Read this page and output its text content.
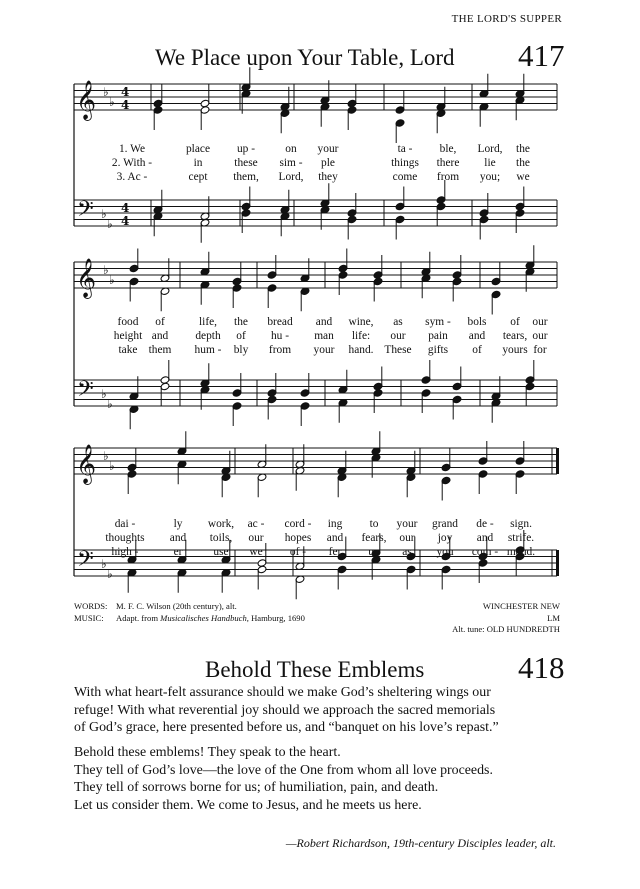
THE LORD'S SUPPER
We Place upon Your Table, Lord 417
𝄞
𝄢
♭
♭
♭
♭
4
4
4
4
𝄞
𝄢
♭
♭
♭
♭
𝄞
𝄢
♭
♭
♭
♭
1. We	place up -	on your	ta - ble, Lord, the
2. With -	in	these sim - ple	things there lie the
3. Ac -	cept them, Lord, they	come from you; we
food of	life, the bread and wine, as sym - bols of our
height and depth of hu - man life: our pain and tears, our
take them hum - bly from your hand. These gifts of yours for
dai -	ly work, ac - cord - ing to your grand de - sign.
thoughts and toils, our hopes and fears, our joy and strife.
high -	er	use we of - fer up as you com - mand.
WORDS: M. F. C. Wilson (20th century), alt.
MUSIC: Adapt. from Musicalisches Handbuch, Hamburg, 1690
WINCHESTER NEW
LM
Alt. tune: OLD HUNDREDTH
Behold These Emblems	418

With what heart-felt assurance should we make God’s sheltering wings our

refuge! With what reverential joy should we approach the sacred memorials

of God’s grace, here presented before us, and “banquet on his love’s repast.”

Behold these emblems! They speak to the heart.

They tell of God’s love—the love of the One from whom all love proceeds.

They tell of sorrows borne for us; of humiliation, pain, and death.

Let us consider them. We come to Jesus, and he meets us here.

—Robert Richardson, 19th-century Disciples leader, alt.
